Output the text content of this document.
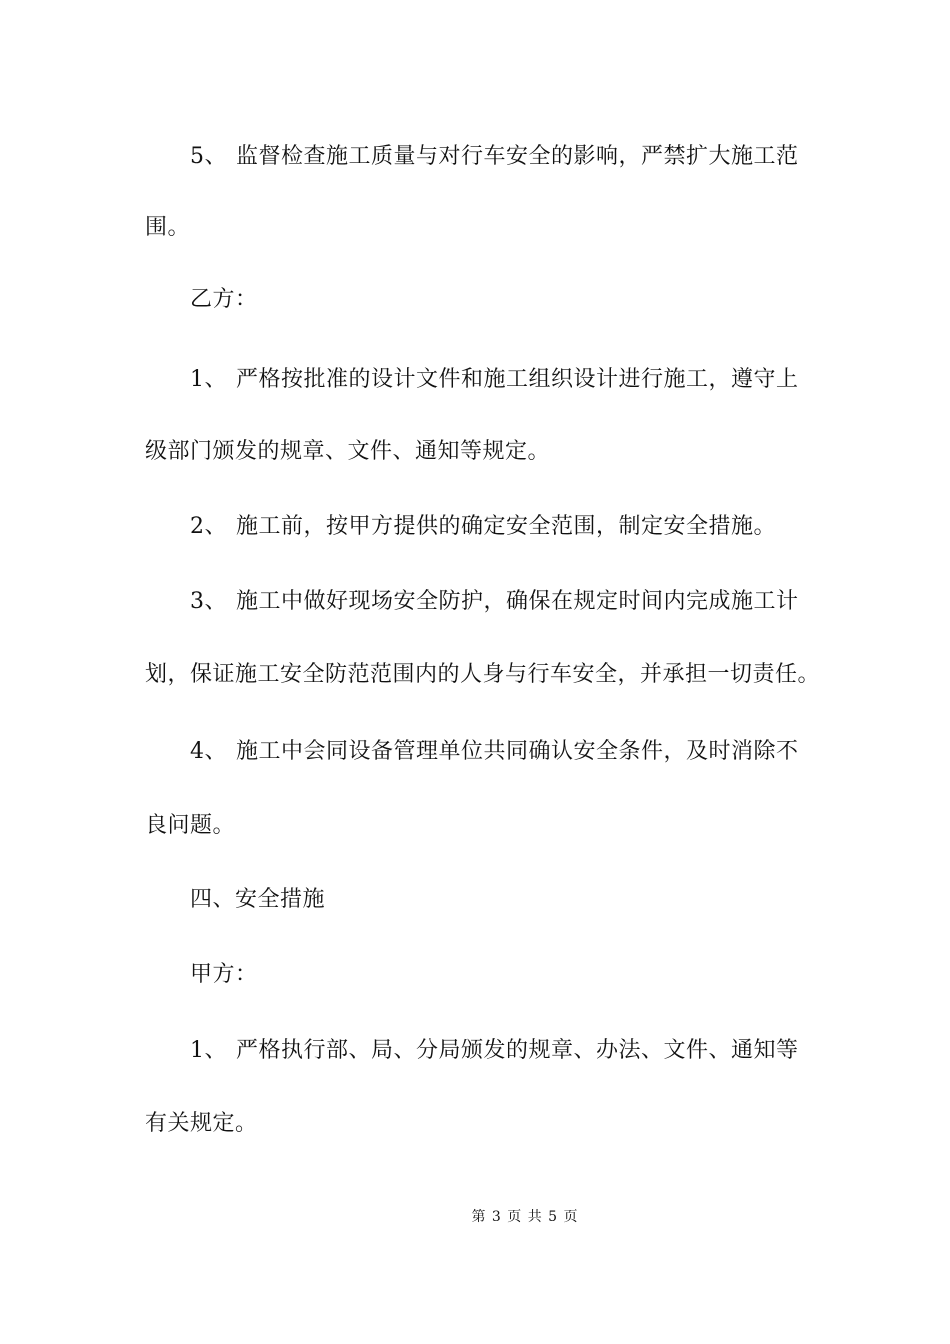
5、 监督检查施工质量与对行车安全的影响，严禁扩大施工范
围。
乙方：
1、 严格按批准的设计文件和施工组织设计进行施工，遵守上
级部门颁发的规章、文件、通知等规定。
2、 施工前，按甲方提供的确定安全范围，制定安全措施。
3、 施工中做好现场安全防护，确保在规定时间内完成施工计
划，保证施工安全防范范围内的人身与行车安全，并承担一切责任。
4、 施工中会同设备管理单位共同确认安全条件，及时消除不
良问题。
四、安全措施
甲方：
1、 严格执行部、局、分局颁发的规章、办法、文件、通知等
有关规定。
第 3 页 共 5 页
